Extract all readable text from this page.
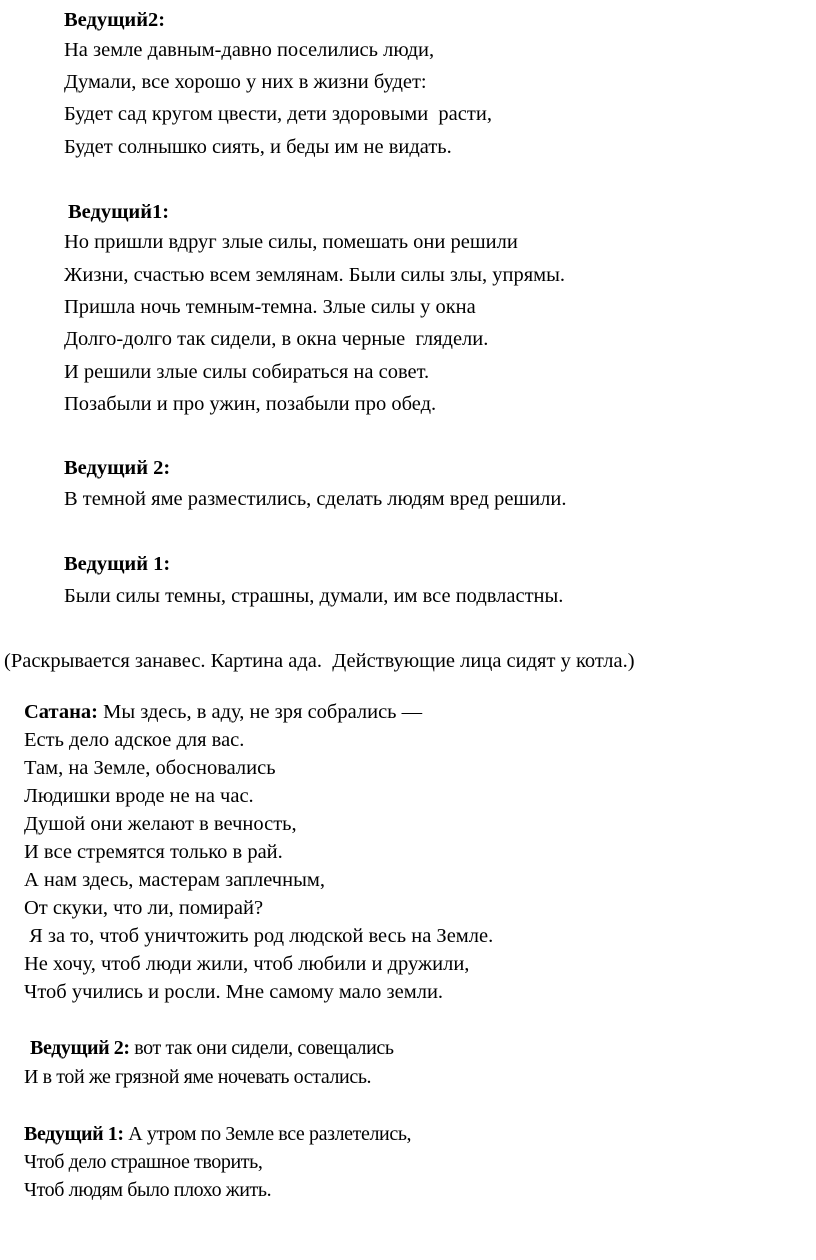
Ведущий2:

На земле давным-давно поселились люди,

Думали, все хорошо у них в жизни будет:

Будет сад кругом цвести, дети здоровыми  расти,

Будет солнышко сиять, и беды им не видать.

Ведущий1:

Но пришли вдруг злые силы, помешать они решили

Жизни, счастью всем землянам. Были силы злы, упрямы.

Пришла ночь темным-темна. Злые силы у окна

Долго-долго так сидели, в окна черные  глядели.

И решили злые силы собираться на совет.

Позабыли и про ужин, позабыли про обед.

Ведущий 2:

В темной яме разместились, сделать людям вред решили.

Ведущий 1:

Были силы темны, страшны, думали, им все подвластны.

(Раскрывается занавес. Картина ада.  Действующие лица сидят у котла.)

Сатана: Мы здесь, в аду, не зря собрались —

Есть дело адское для вас.

Там, на Земле, обосновались

Людишки вроде не на час.

Душой они желают в вечность,

И все стремятся только в рай.

А нам здесь, мастерам заплечным,

От скуки, что ли, помирай?

Я за то, чтоб уничтожить род людской весь на Земле.

Не хочу, чтоб люди жили, чтоб любили и дружили,

Чтоб учились и росли. Мне самому мало земли.

Ведущий 2: вот так они сидели, совещались

И в той же грязной яме ночевать остались.

Ведущий 1: А утром по Земле все разлетелись,

Чтоб дело страшное творить,

Чтоб людям было плохо жить.
